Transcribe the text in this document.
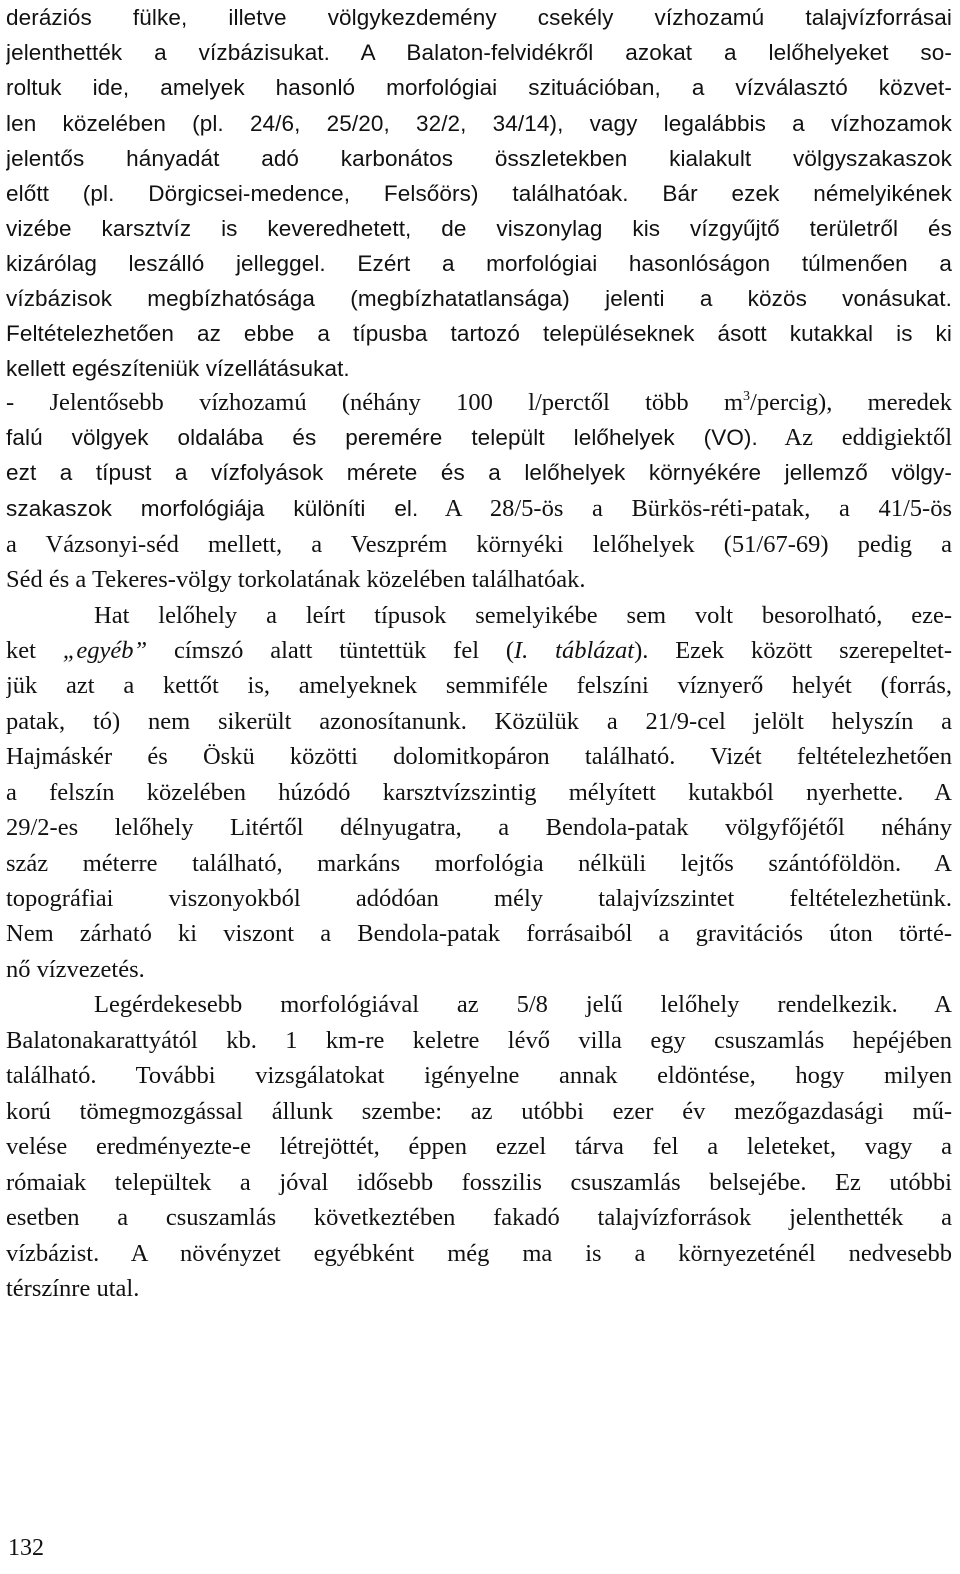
deráziós fülke, illetve völgykezdemény csekély vízhozamú talajvízforrásai
jelenthették a vízbázisukat. A Balaton-felvidékről azokat a lelőhelyeket so-
roltuk ide, amelyek hasonló morfológiai szituációban, a vízválasztó közvet-
len közelében (pl. 24/6, 25/20, 32/2, 34/14), vagy legalábbis a vízhozamok
jelentős hányadát adó karbonátos összletekben kialakult völgyszakaszok
előtt (pl. Dörgicsei-medence, Felsőörs) találhatóak. Bár ezek némelyikének
vizébe karsztvíz is keveredhetett, de viszonylag kis vízgyűjtő területről és
kizárólag leszálló jelleggel. Ezért a morfológiai hasonlóságon túlmenően a
vízbázisok megbízhatósága (megbízhatatlansága) jelenti a közös vonásukat.
Feltételezhetően az ebbe a típusba tartozó településeknek ásott kutakkal is ki
kellett egészíteniük vízellátásukat.
- Jelentősebb vízhozamú (néhány 100 l/perctől több $m^3/percig$), meredek
falú völgyek oldalába és peremére települt lelőhelyek (VO). Az eddigiektől
ezt a típust a vízfolyások mérete és a lelőhelyek környékére jellemző völgy-
szakaszok morfológiája különíti el. A 28/5-ös a Bürkös-réti-patak, a 41/5-ös
a Vázsonyi-séd mellett, a Veszprém környéki lelőhelyek (51/67-69) pedig a
Séd és a Tekeres-völgy torkolatának közelében találhatóak.
Hat lelőhely a leírt típusok semelyikébe sem volt besorolható, eze-
ket „egyéb” címszó alatt tüntettük fel (I. táblázat). Ezek között szerepeltet-
jük azt a kettőt is, amelyeknek semmiféle felszíni víznyerő helyét (forrás,
patak, tó) nem sikerült azonosítanunk. Közülük a 21/9-cel jelölt helyszín a
Hajmáskér és Öskü közötti dolomitkopáron található. Vizét feltételezhetően
a felszín közelében húzódó karsztvízszintig mélyített kutakból nyerhette. A
29/2-es lelőhely Litértől délnyugatra, a Bendola-patak völgyfőjétől néhány
száz méterre található, markáns morfológia nélküli lejtős szántóföldön. A
topográfiai viszonyokból adódóan mély talajvízszintet feltételezhetünk.
Nem zárható ki viszont a Bendola-patak forrásaiból a gravitációs úton törté-
nő vízvezetés.
Legérdekesebb morfológiával az 5/8 jelű lelőhely rendelkezik. A
Balatonakarattyától kb. 1 km-re keletre lévő villa egy csuszamlás hepéjében
található. További vizsgálatokat igényelne annak eldöntése, hogy milyen
korú tömegmozgással állunk szembe: az utóbbi ezer év mezőgazdasági mű-
velése eredményezte-e létrejöttét, éppen ezzel tárva fel a leleteket, vagy a
rómaiak települtek a jóval idősebb fosszilis csuszamlás belsejébe. Ez utóbbi
esetben a csuszamlás következtében fakadó talajvízforrások jelenthették a
vízbázist. A növényzet egyébként még ma is a környezeténél nedvesebb
térszínre utal.
132
